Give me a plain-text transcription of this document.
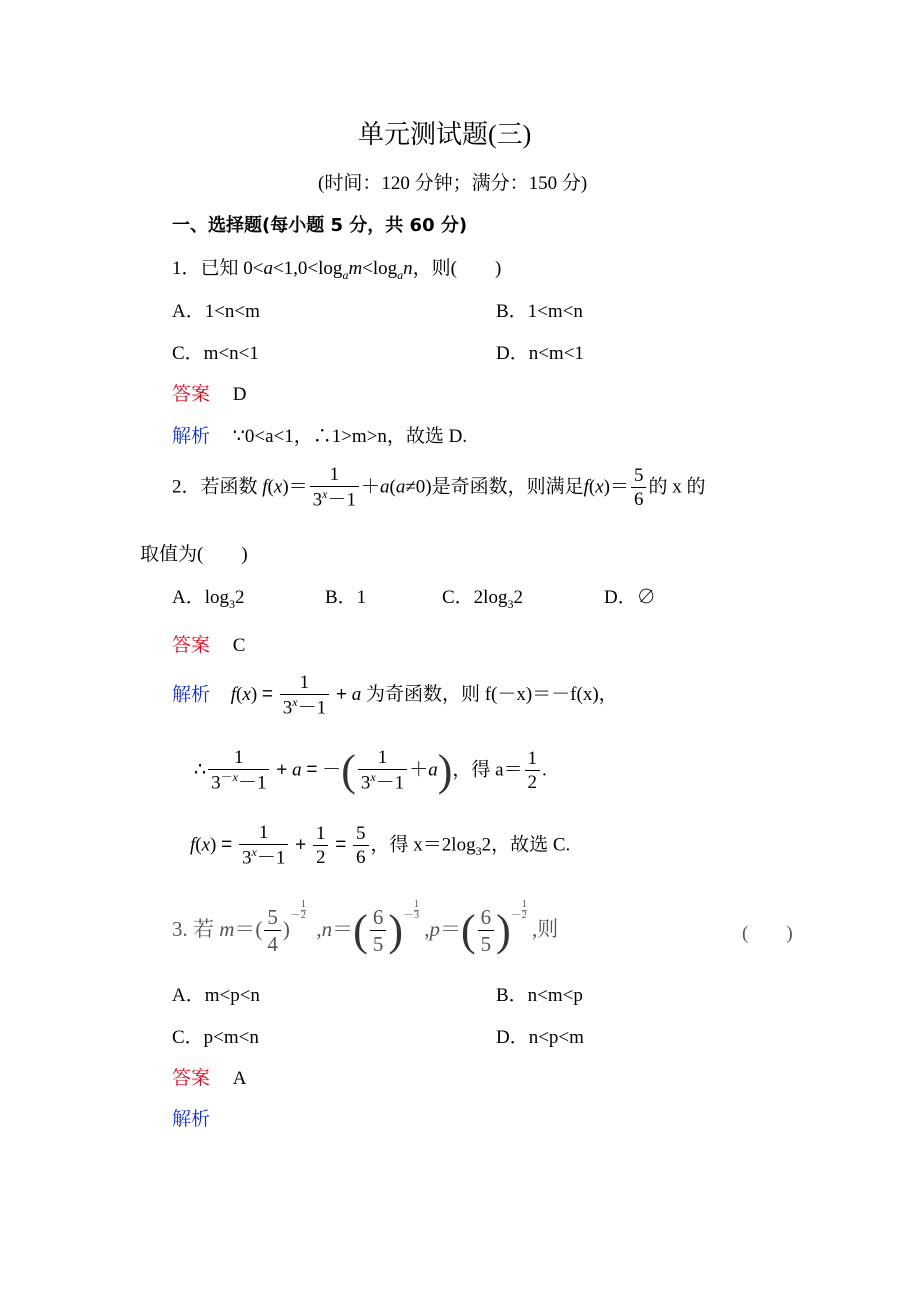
单元测试题(三)
(时间：120 分钟；满分：150 分)
一、选择题(每小题 5 分，共 60 分)
1．已知 $0<a<1,0<\log_am<\log_an$，则(　　)
A．1<n<m	B．1<m<n
C．m<n<1	D．n<m<1
答案 D
解析 ∵0<a<1，∴1>m>n，故选 D.
2．若函数 $f(x)= \frac{1}{3^x-1} +a(a\ne 0)$是奇函数，则满足$f(x)= \frac{5}{6}$ 的 x 的
取值为(　　)
A．$\log_32$	B．1	C．$2\log_32$	D．∅
答案 C
解析 $f(x) = \frac{1}{3^x-1} + a$ 为奇函数，则 f(－x)＝－f(x)，
∴ $\frac{1}{3^{-x}-1} + a$ = －( $\frac{1}{3^x-1} +a$)，得 $a= \frac{1}{2}$ .
$f(x) = \frac{1}{3^x-1} + \frac{1}{2} = \frac{5}{6}$ ，得 $x=2\log_32$，故选 C.
3. 若 $m=( \frac{5}{4} )^- \frac{1}{2}$
$,n=( \frac{6}{5} )^- \frac{1}{3}$
$,p=( \frac{6}{5} )^- \frac{1}{2}$
,则	(　　)
A．m<p<n	B．n<m<p
C．p<m<n	D．n<p<m
答案 A
解析
